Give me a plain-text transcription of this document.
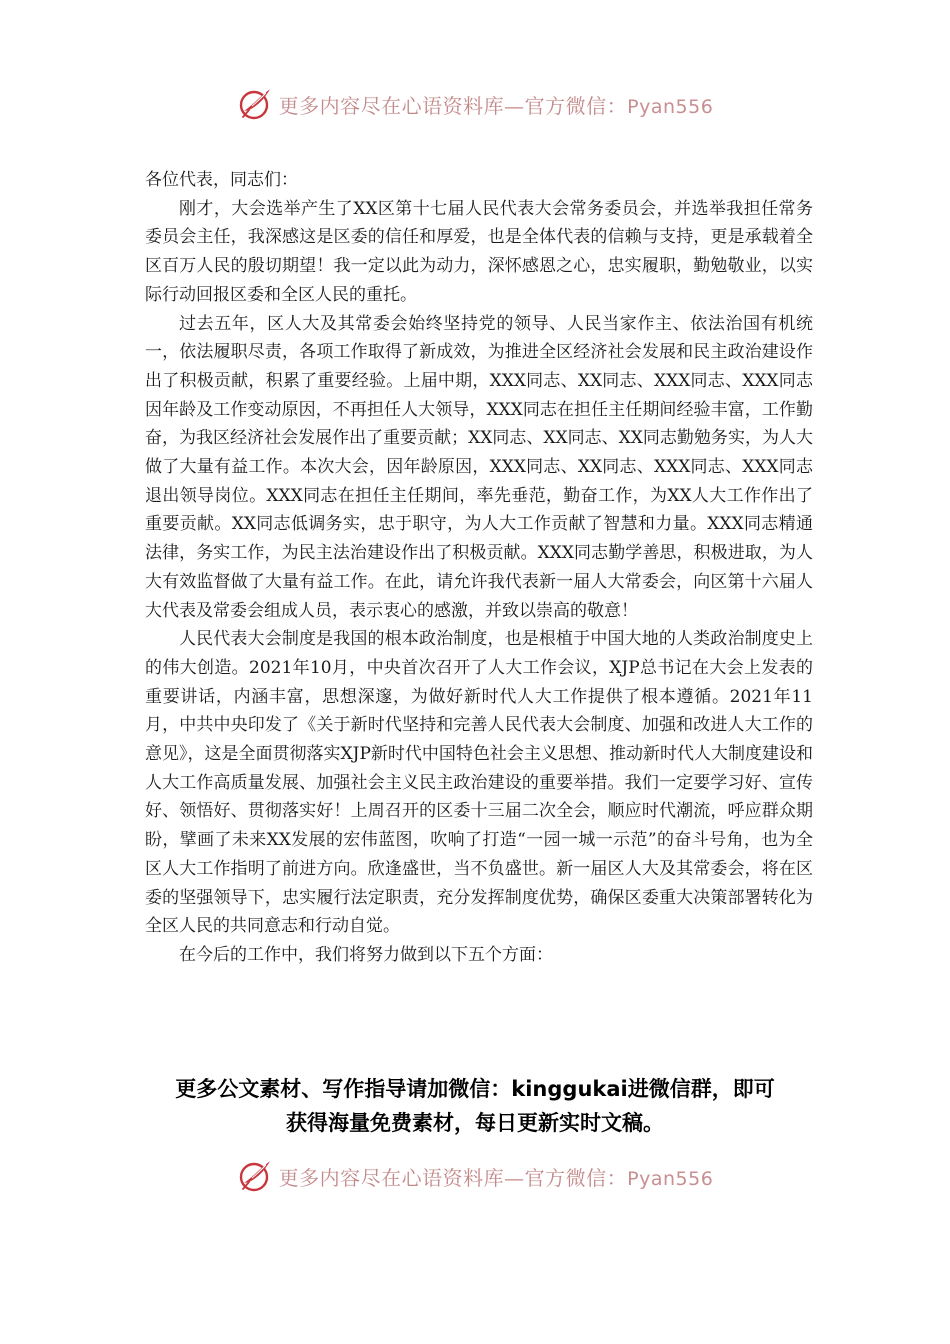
更多内容尽在心语资料库—官方微信：Pyan556

各位代表，同志们：

刚才，大会选举产生了XX区第十七届人民代表大会常务委员会，并选举我担任常务委员会主任，我深感这是区委的信任和厚爱，也是全体代表的信赖与支持，更是承载着全区百万人民的殷切期望！我一定以此为动力，深怀感恩之心，忠实履职，勤勉敬业，以实际行动回报区委和全区人民的重托。

过去五年，区人大及其常委会始终坚持党的领导、人民当家作主、依法治国有机统一，依法履职尽责，各项工作取得了新成效，为推进全区经济社会发展和民主政治建设作出了积极贡献，积累了重要经验。上届中期，XXX同志、XX同志、XXX同志、XXX同志因年龄及工作变动原因，不再担任人大领导，XXX同志在担任主任期间经验丰富，工作勤奋，为我区经济社会发展作出了重要贡献；XX同志、XX同志、XX同志勤勉务实，为人大做了大量有益工作。本次大会，因年龄原因，XXX同志、XX同志、XXX同志、XXX同志退出领导岗位。XXX同志在担任主任期间，率先垂范，勤奋工作，为XX人大工作作出了重要贡献。XX同志低调务实，忠于职守，为人大工作贡献了智慧和力量。XXX同志精通法律，务实工作，为民主法治建设作出了积极贡献。XXX同志勤学善思，积极进取，为人大有效监督做了大量有益工作。在此，请允许我代表新一届人大常委会，向区第十六届人大代表及常委会组成人员，表示衷心的感激，并致以崇高的敬意！

人民代表大会制度是我国的根本政治制度，也是根植于中国大地的人类政治制度史上的伟大创造。2021年10月，中央首次召开了人大工作会议，XJP总书记在大会上发表的重要讲话，内涵丰富，思想深邃，为做好新时代人大工作提供了根本遵循。2021年11月，中共中央印发了《关于新时代坚持和完善人民代表大会制度、加强和改进人大工作的意见》，这是全面贯彻落实XJP新时代中国特色社会主义思想、推动新时代人大制度建设和人大工作高质量发展、加强社会主义民主政治建设的重要举措。我们一定要学习好、宣传好、领悟好、贯彻落实好！上周召开的区委十三届二次全会，顺应时代潮流，呼应群众期盼，擘画了未来XX发展的宏伟蓝图，吹响了打造“一园一城一示范”的奋斗号角，也为全区人大工作指明了前进方向。欣逢盛世，当不负盛世。新一届区人大及其常委会，将在区委的坚强领导下，忠实履行法定职责，充分发挥制度优势，确保区委重大决策部署转化为全区人民的共同意志和行动自觉。

在今后的工作中，我们将努力做到以下五个方面：

更多公文素材、写作指导请加微信：kinggukai进微信群，即可

获得海量免费素材，每日更新实时文稿。

更多内容尽在心语资料库—官方微信：Pyan556
